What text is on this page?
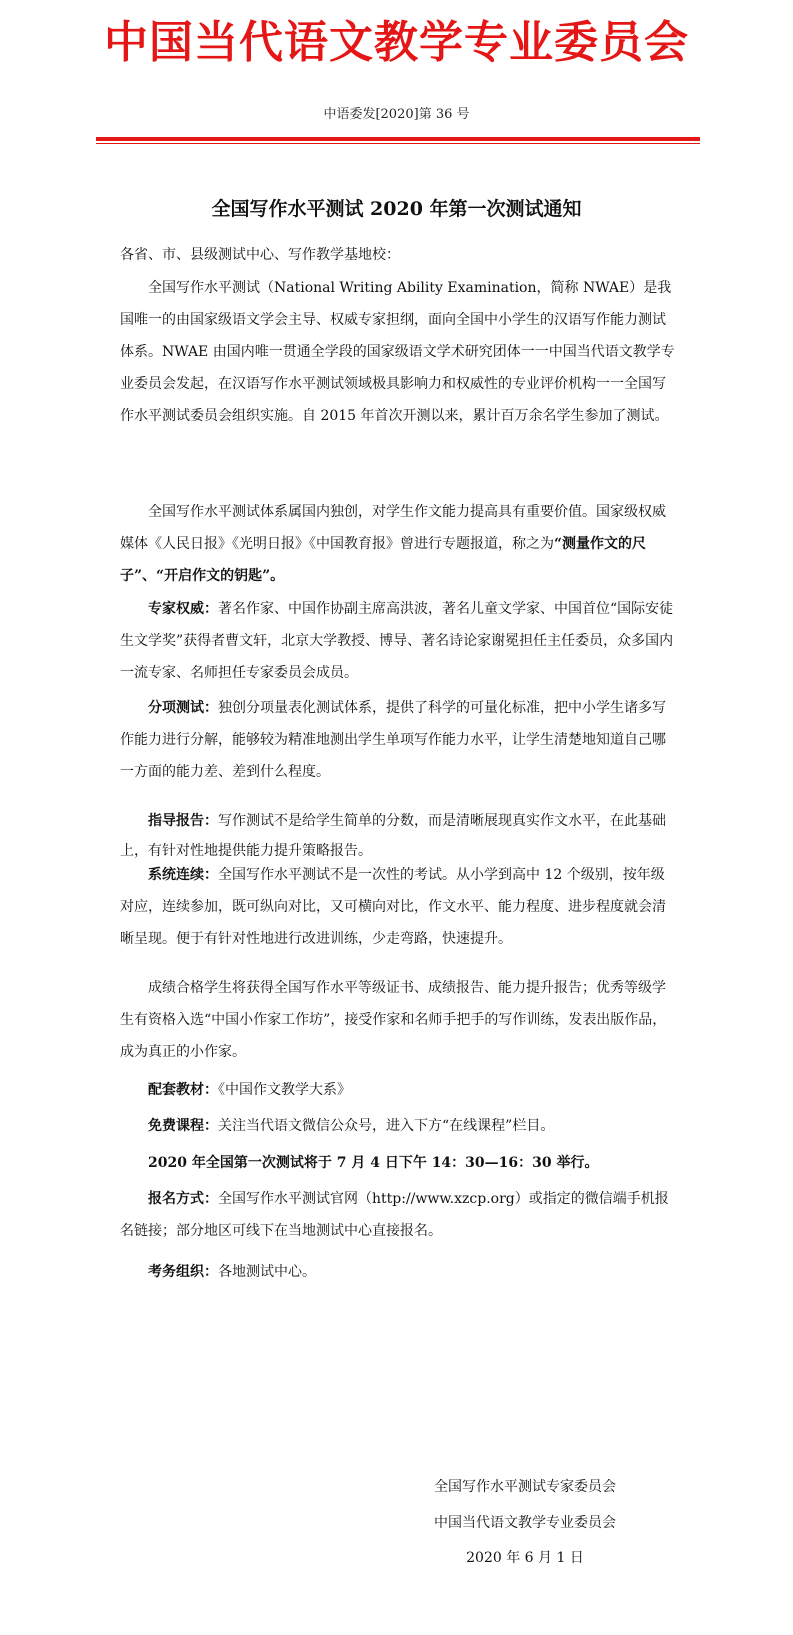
中国当代语文教学专业委员会
中语委发[2020]第 36 号
全国写作水平测试 2020 年第一次测试通知

各省、市、县级测试中心、写作教学基地校：

全国写作水平测试（National Writing Ability Examination，简称 NWAE）是我国唯一的由国家级语文学会主导、权威专家担纲，面向全国中小学生的汉语写作能力测试体系。NWAE 由国内唯一贯通全学段的国家级语文学术研究团体一一中国当代语文教学专业委员会发起，在汉语写作水平测试领域极具影响力和权威性的专业评价机构一一全国写作水平测试委员会组织实施。自 2015 年首次开测以来，累计百万余名学生参加了测试。

全国写作水平测试体系属国内独创，对学生作文能力提高具有重要价值。国家级权威媒体《人民日报》《光明日报》《中国教育报》曾进行专题报道，称之为“测量作文的尺子”、“开启作文的钥匙”。

专家权威：著名作家、中国作协副主席高洪波，著名儿童文学家、中国首位“国际安徒生文学奖”获得者曹文轩，北京大学教授、博导、著名诗论家谢冕担任主任委员，众多国内一流专家、名师担任专家委员会成员。

分项测试：独创分项量表化测试体系，提供了科学的可量化标准，把中小学生诸多写作能力进行分解，能够较为精准地测出学生单项写作能力水平，让学生清楚地知道自己哪一方面的能力差、差到什么程度。

指导报告：写作测试不是给学生简单的分数，而是清晰展现真实作文水平，在此基础上，有针对性地提供能力提升策略报告。

系统连续：全国写作水平测试不是一次性的考试。从小学到高中 12 个级别，按年级对应，连续参加，既可纵向对比，又可横向对比，作文水平、能力程度、进步程度就会清晰呈现。便于有针对性地进行改进训练，少走弯路，快速提升。

成绩合格学生将获得全国写作水平等级证书、成绩报告、能力提升报告；优秀等级学生有资格入选“中国小作家工作坊”，接受作家和名师手把手的写作训练，发表出版作品，成为真正的小作家。

配套教材：《中国作文教学大系》

免费课程：关注当代语文微信公众号，进入下方“在线课程”栏目。

2020 年全国第一次测试将于 7 月 4 日下午 14：30—16：30 举行。

报名方式：全国写作水平测试官网（http://www.xzcp.org）或指定的微信端手机报名链接；部分地区可线下在当地测试中心直接报名。

考务组织：各地测试中心。

全国写作水平测试专家委员会
中国当代语文教学专业委员会
2020 年 6 月 1 日
